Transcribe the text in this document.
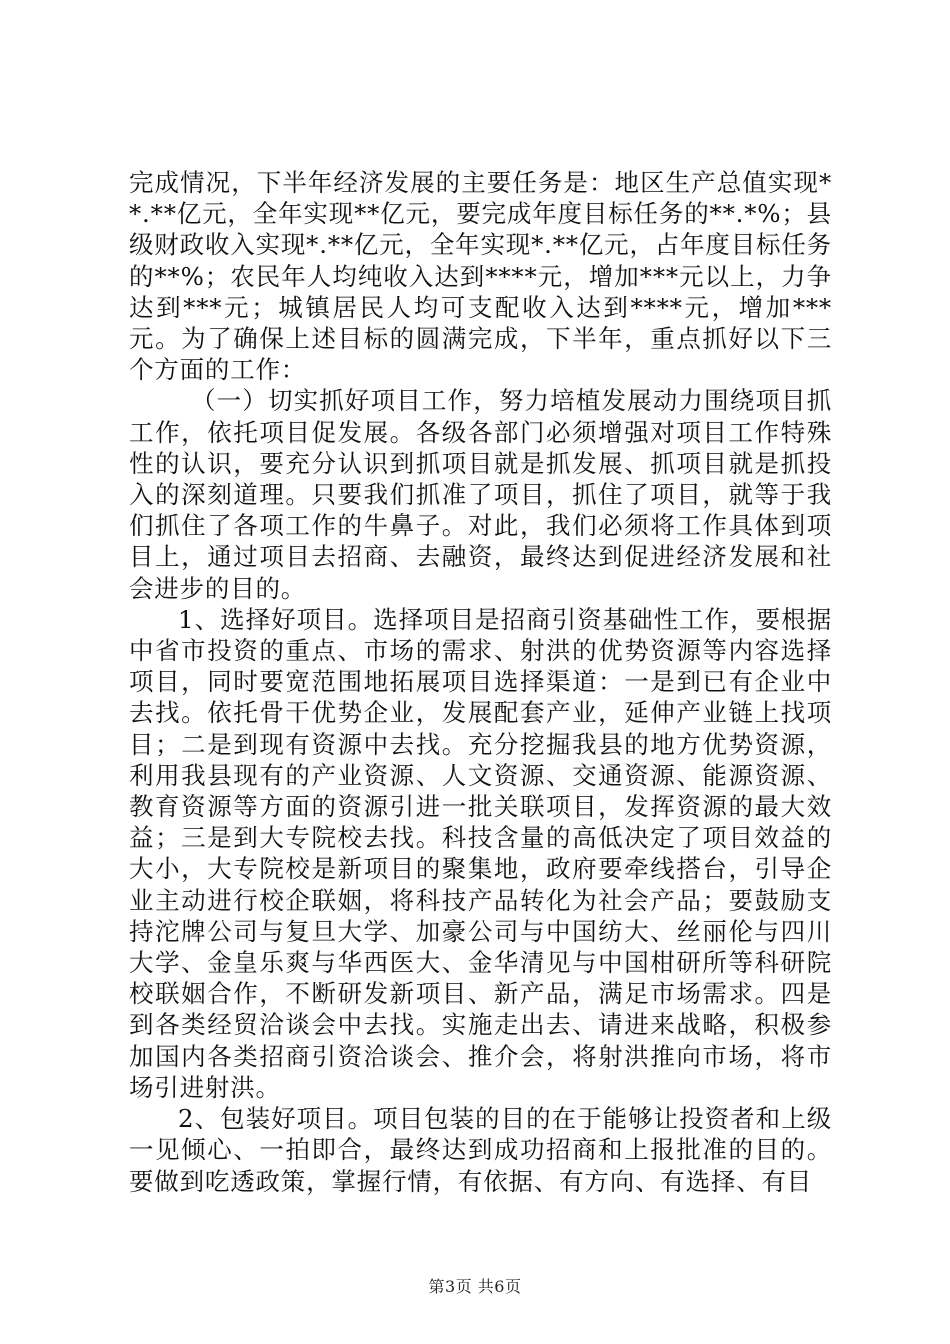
完成情况，下半年经济发展的主要任务是：地区生产总值实现**.**亿元，全年实现**亿元，要完成年度目标任务的**.*%；县级财政收入实现*.**亿元，全年实现*.**亿元，占年度目标任务的**%；农民年人均纯收入达到****元，增加***元以上，力争达到***元；城镇居民人均可支配收入达到****元，增加***元。为了确保上述目标的圆满完成，下半年，重点抓好以下三个方面的工作：

（一）切实抓好项目工作，努力培植发展动力围绕项目抓工作，依托项目促发展。各级各部门必须增强对项目工作特殊性的认识，要充分认识到抓项目就是抓发展、抓项目就是抓投入的深刻道理。只要我们抓准了项目，抓住了项目，就等于我们抓住了各项工作的牛鼻子。对此，我们必须将工作具体到项目上，通过项目去招商、去融资，最终达到促进经济发展和社会进步的目的。

1、选择好项目。选择项目是招商引资基础性工作，要根据中省市投资的重点、市场的需求、射洪的优势资源等内容选择项目，同时要宽范围地拓展项目选择渠道：一是到已有企业中去找。依托骨干优势企业，发展配套产业，延伸产业链上找项目；二是到现有资源中去找。充分挖掘我县的地方优势资源，利用我县现有的产业资源、人文资源、交通资源、能源资源、教育资源等方面的资源引进一批关联项目，发挥资源的最大效益；三是到大专院校去找。科技含量的高低决定了项目效益的大小，大专院校是新项目的聚集地，政府要牵线搭台，引导企业主动进行校企联姻，将科技产品转化为社会产品；要鼓励支持沱牌公司与复旦大学、加豪公司与中国纺大、丝丽伦与四川大学、金皇乐爽与华西医大、金华清见与中国柑研所等科研院校联姻合作，不断研发新项目、新产品，满足市场需求。四是到各类经贸洽谈会中去找。实施走出去、请进来战略，积极参加国内各类招商引资洽谈会、推介会，将射洪推向市场，将市场引进射洪。

2、包装好项目。项目包装的目的在于能够让投资者和上级一见倾心、一拍即合，最终达到成功招商和上报批准的目的。要做到吃透政策，掌握行情，有依据、有方向、有选择、有目

第3页 共6页
